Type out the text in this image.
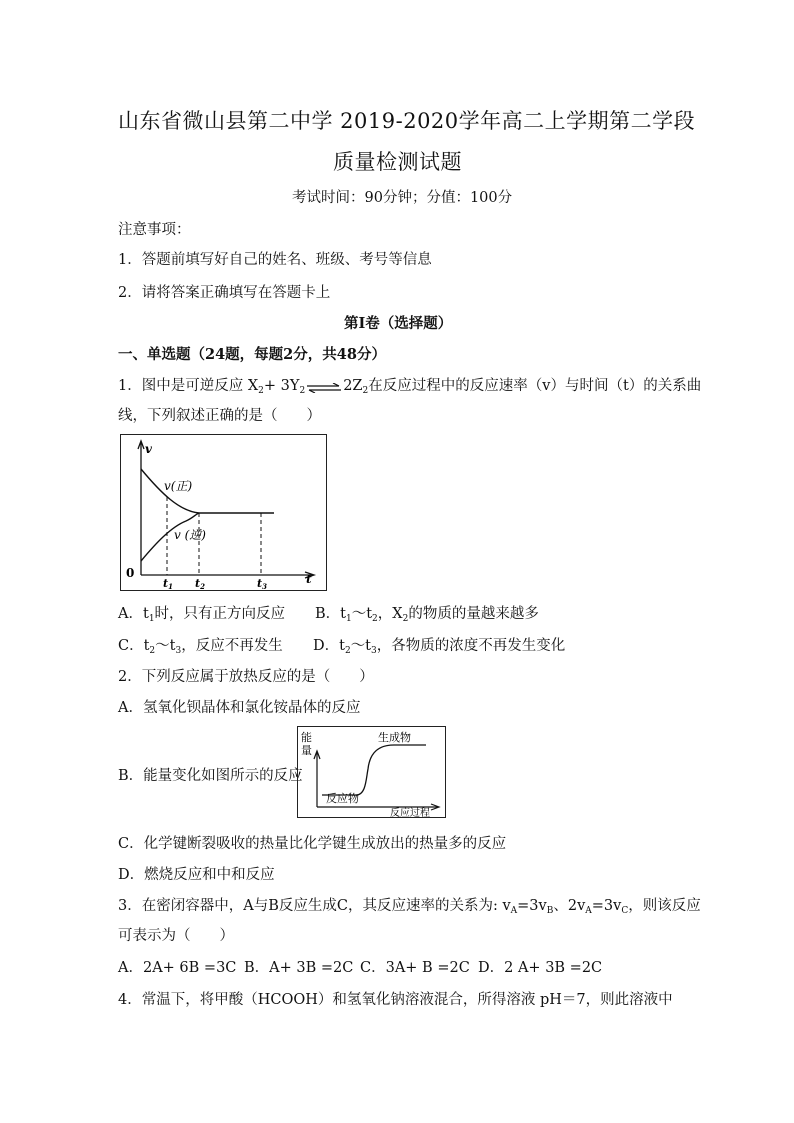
山东省微山县第二中学 2019-2020学年高二上学期第二学段
质量检测试题
考试时间：90分钟；分值：100分
注意事项：
1．答题前填写好自己的姓名、班级、考号等信息
2．请将答案正确填写在答题卡上
第Ⅰ卷（选择题）
一、单选题（24题，每题2分，共48分）
1．图中是可逆反应 $X_2+ 3Y_2$ ⇌ $2Z_2$在反应过程中的反应速率（v）与时间（t）的关系曲
线，下列叙述正确的是（　　）
v
t
0
v(正)
v (逆)
t1 t2	t3
A．$t_1$时，只有正方向反应 B．$t_1\sim t_2$，$X_2$的物质的量越来越多
C．$t_2\sim t_3$，反应不再发生 D．$t_2\sim t_3$，各物质的浓度不再发生变化
2．下列反应属于放热反应的是（　　）
A．氢氧化钡晶体和氯化铵晶体的反应
B．能量变化如图所示的反应
能
量
生成物
反应物
反应过程
C．化学键断裂吸收的热量比化学键生成放出的热量多的反应
D．燃烧反应和中和反应
3．在密闭容器中，A与B反应生成C，其反应速率的关系为: $v_A=3v_B$、$2v_A=3v_C$，则该反应
可表示为（　　）
A．2A+ 6B =3C B．A+ 3B =2C C．3A+ B =2C D．2 A+ 3B =2C
4．常温下，将甲酸（HCOOH）和氢氧化钠溶液混合，所得溶液 pH＝7，则此溶液中
